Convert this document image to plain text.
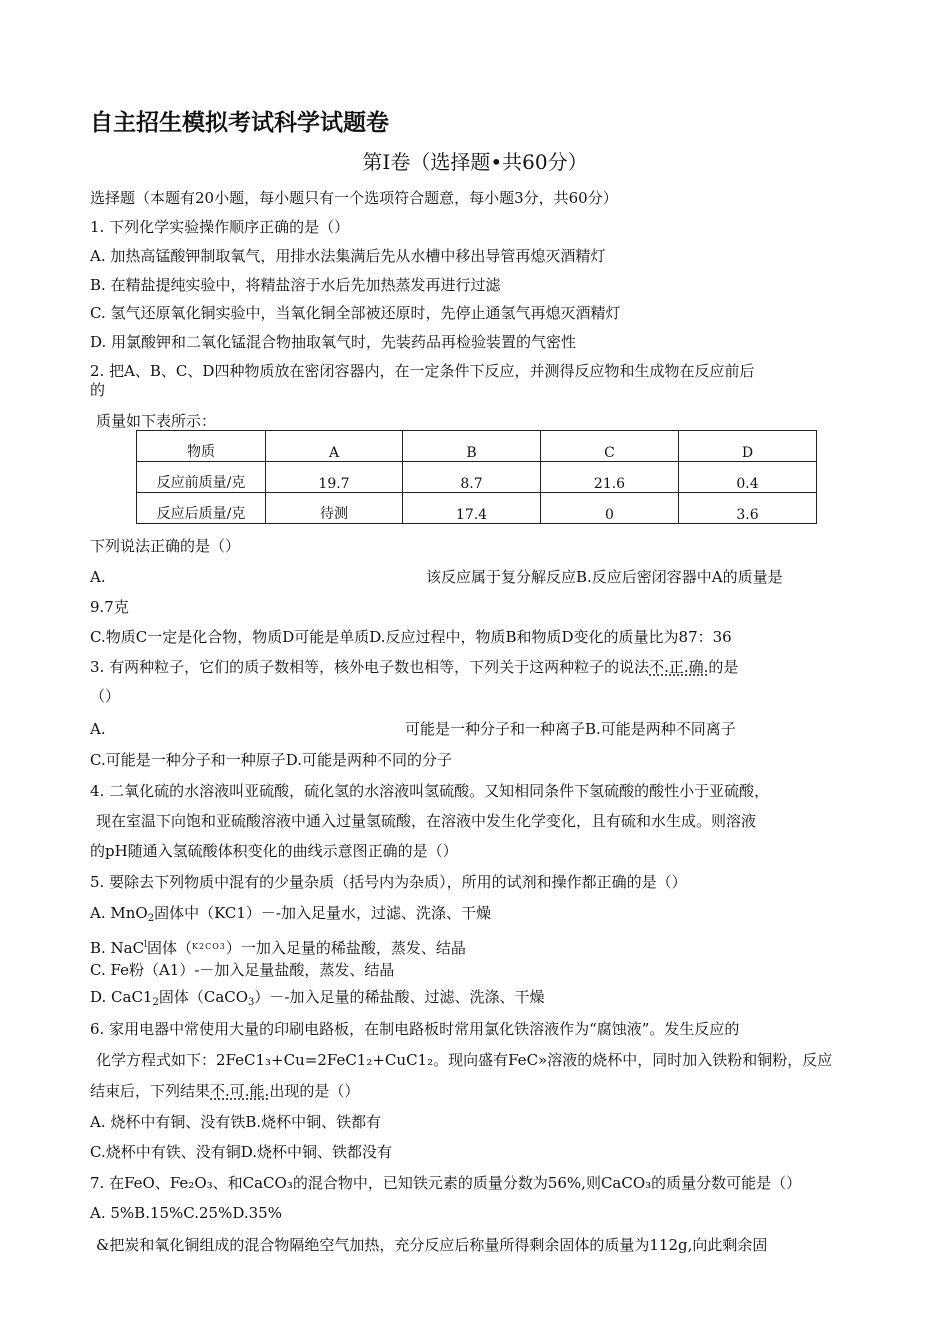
自主招生模拟考试科学试题卷
第Ⅰ卷（选择题•共60分）
选择题（本题有20小题，每小题只有一个选项符合题意，每小题3分，共60分）
1. 下列化学实验操作顺序正确的是（）
A. 加热高锰酸钾制取氧气，用排水法集满后先从水槽中移出导管再熄灭酒精灯
B. 在精盐提纯实验中，将精盐溶于水后先加热蒸发再进行过滤
C. 氢气还原氧化铜实验中，当氧化铜全部被还原时，先停止通氢气再熄灭酒精灯
D. 用氯酸钾和二氧化锰混合物抽取氧气时，先装药品再检验装置的气密性
2. 把A、B、C、D四种物质放在密闭容器内，在一定条件下反应，并测得反应物和生成物在反应前后
的
质量如下表所示：
物质	A	B	C	D
反应前质量/克	19.7	8.7	21.6	0.4
反应后质量/克	待测	17.4	0	3.6
下列说法正确的是（）
A.	该反应属于复分解反应B.反应后密闭容器中A的质量是
9.7克
C.物质C一定是化合物，物质D可能是单质D.反应过程中，物质B和物质D变化的质量比为87：36
3. 有两种粒子，它们的质子数相等，核外电子数也相等，下列关于这两种粒子的说法不.正.确.的是
（）
A.	可能是一种分子和一种离子B.可能是两种不同离子
C.可能是一种分子和一种原子D.可能是两种不同的分子
4. 二氧化硫的水溶液叫亚硫酸，硫化氢的水溶液叫氢硫酸。又知相同条件下氢硫酸的酸性小于亚硫酸，
现在室温下向饱和亚硫酸溶液中通入过量氢硫酸，在溶液中发生化学变化，且有硫和水生成。则溶液
的pH随通入氢硫酸体积变化的曲线示意图正确的是（）
5. 要除去下列物质中混有的少量杂质（括号内为杂质），所用的试剂和操作都正确的是（）
A. MnO$_2$固体中（KC1）－-加入足量水，过滤、洗涤、干燥
B. NaC$^l$固体（$^{K2CO3}$）一加入足量的稀盐酸，蒸发、结晶
C. Fe粉（A1）-－加入足量盐酸，蒸发、结晶
D. $CaC1_2$固体（CaCO$_3$）－-加入足量的稀盐酸、过滤、洗涤、干燥
6. 家用电器中常使用大量的印刷电路板，在制电路板时常用氯化铁溶液作为“腐蚀液”。发生反应的
化学方程式如下：2FeC1₃+Cu=2FeC1₂+CuC1₂。现向盛有FeC»溶液的烧杯中，同时加入铁粉和铜粉，反应
结束后，下列结果不.可.能.出现的是（）
A. 烧杯中有铜、没有铁B.烧杯中铜、铁都有
C.烧杯中有铁、没有铜D.烧杯中铜、铁都没有
7. 在FeO、Fe₂O₃、和CaCO₃的混合物中，已知铁元素的质量分数为56%,则CaCO₃的质量分数可能是（）
A. 5%B.15%C.25%D.35%
&把炭和氧化铜组成的混合物隔绝空气加热，充分反应后称量所得剩余固体的质量为112g,向此剩余固
